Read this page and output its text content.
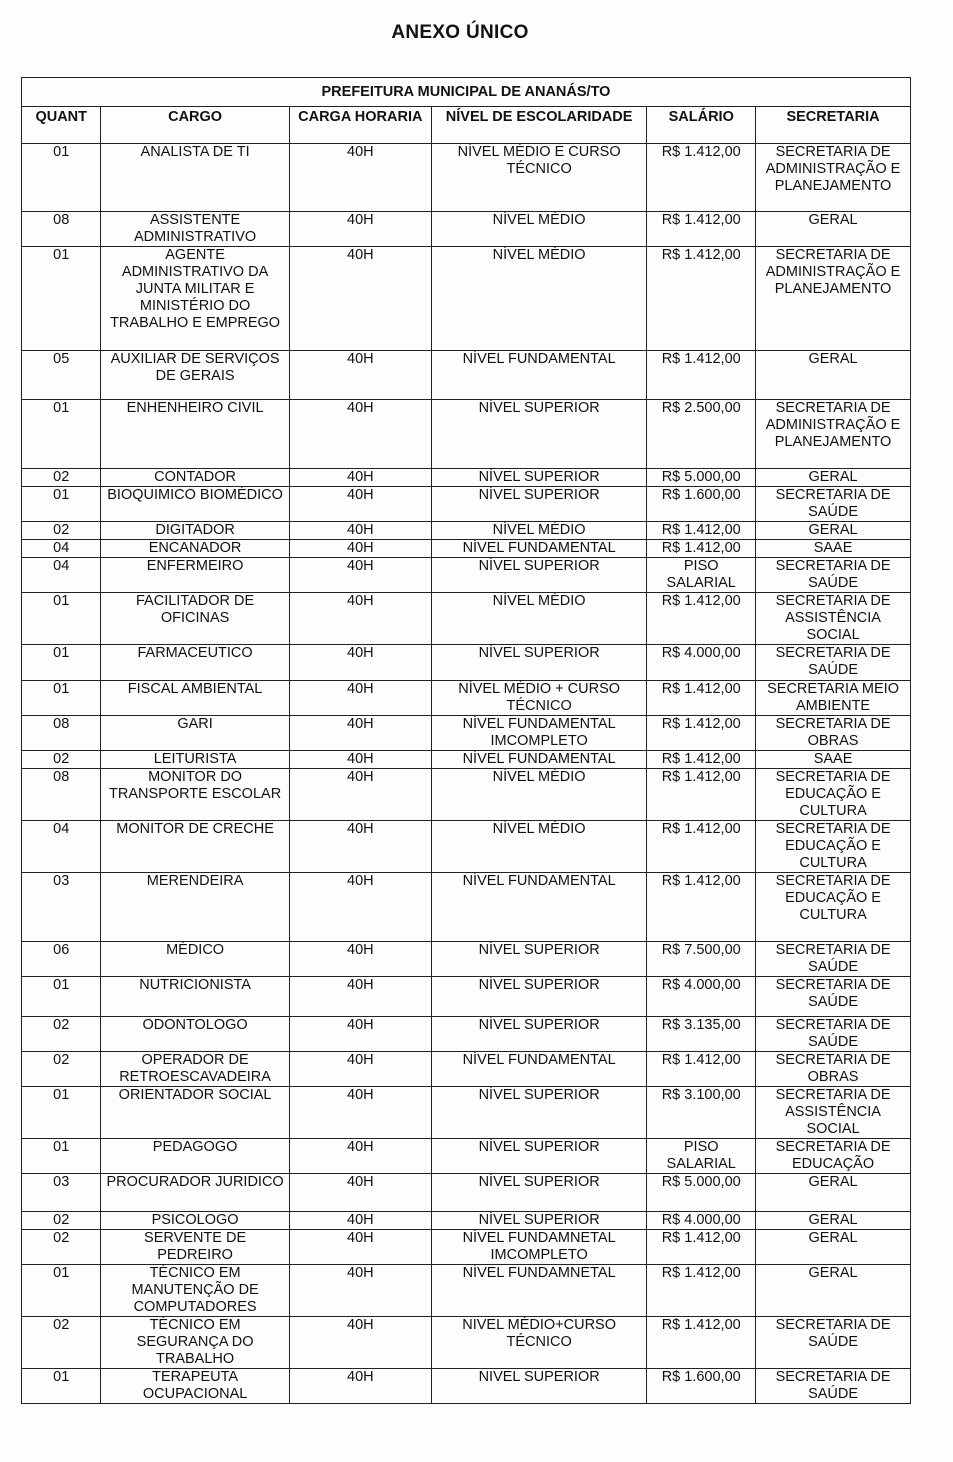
ANEXO ÚNICO
PREFEITURA MUNICIPAL DE ANANÁS/TO					
QUANT	CARGO	CARGA HORARIA	NÍVEL DE ESCOLARIDADE	SALÁRIO	SECRETARIA
01	ANALISTA DE TI	40H	NÍVEL MÉDIO E CURSO TÉCNICO	R$ 1.412,00	SECRETARIA DE ADMINISTRAÇÃO E PLANEJAMENTO
08	ASSISTENTE ADMINISTRATIVO	40H	NÍVEL MÉDIO	R$ 1.412,00	GERAL
01	AGENTE ADMINISTRATIVO DA JUNTA MILITAR E MINISTÉRIO DO TRABALHO E EMPREGO	40H	NÍVEL MÉDIO	R$ 1.412,00	SECRETARIA DE ADMINISTRAÇÃO E PLANEJAMENTO
05	AUXILIAR DE SERVIÇOS DE GERAIS	40H	NÍVEL FUNDAMENTAL	R$ 1.412,00	GERAL
01	ENHENHEIRO CIVIL	40H	NÍVEL SUPERIOR	R$ 2.500,00	SECRETARIA DE ADMINISTRAÇÃO E PLANEJAMENTO
02	CONTADOR	40H	NÍVEL SUPERIOR	R$ 5.000,00	GERAL
01	BIOQUIMICO BIOMÉDICO	40H	NÍVEL SUPERIOR	R$ 1.600,00	SECRETARIA DE SAÚDE
02	DIGITADOR	40H	NÍVEL MÉDIO	R$ 1.412,00	GERAL
04	ENCANADOR	40H	NÍVEL FUNDAMENTAL	R$ 1.412,00	SAAE
04	ENFERMEIRO	40H	NÍVEL SUPERIOR	PISO SALARIAL	SECRETARIA DE SAÚDE
01	FACILITADOR DE OFICINAS	40H	NÍVEL MÉDIO	R$ 1.412,00	SECRETARIA DE ASSISTÊNCIA SOCIAL
01	FARMACEUTICO	40H	NÍVEL SUPERIOR	R$ 4.000,00	SECRETARIA DE SAÚDE
01	FISCAL AMBIENTAL	40H	NÍVEL MÉDIO + CURSO TÉCNICO	R$ 1.412,00	SECRETARIA MEIO AMBIENTE
08	GARI	40H	NÍVEL FUNDAMENTAL IMCOMPLETO	R$ 1.412,00	SECRETARIA DE OBRAS
02	LEITURISTA	40H	NÍVEL FUNDAMENTAL	R$ 1.412,00	SAAE
08	MONITOR DO TRANSPORTE ESCOLAR	40H	NÍVEL MÉDIO	R$ 1.412,00	SECRETARIA DE EDUCAÇÃO E CULTURA
04	MONITOR DE CRECHE	40H	NÍVEL MÉDIO	R$ 1.412,00	SECRETARIA DE EDUCAÇÃO E CULTURA
03	MERENDEIRA	40H	NÍVEL FUNDAMENTAL	R$ 1.412,00	SECRETARIA DE EDUCAÇÃO E CULTURA
06	MÉDICO	40H	NÍVEL SUPERIOR	R$ 7.500,00	SECRETARIA DE SAÚDE
01	NUTRICIONISTA	40H	NÍVEL SUPERIOR	R$ 4.000,00	SECRETARIA DE SAÚDE
02	ODONTOLOGO	40H	NÍVEL SUPERIOR	R$ 3.135,00	SECRETARIA DE SAÚDE
02	OPERADOR DE RETROESCAVADEIRA	40H	NÍVEL FUNDAMENTAL	R$ 1.412,00	SECRETARIA DE OBRAS
01	ORIENTADOR SOCIAL	40H	NÍVEL SUPERIOR	R$ 3.100,00	SECRETARIA DE ASSISTÊNCIA SOCIAL
01	PEDAGOGO	40H	NÍVEL SUPERIOR	PISO SALARIAL	SECRETARIA DE EDUCAÇÃO
03	PROCURADOR JURIDICO	40H	NÍVEL SUPERIOR	R$ 5.000,00	GERAL
02	PSICOLOGO	40H	NÍVEL SUPERIOR	R$ 4.000,00	GERAL
02	SERVENTE DE PEDREIRO	40H	NÍVEL FUNDAMNETAL IMCOMPLETO	R$ 1.412,00	GERAL
01	TÉCNICO EM MANUTENÇÃO DE COMPUTADORES	40H	NÍVEL FUNDAMNETAL	R$ 1.412,00	GERAL
02	TÉCNICO EM SEGURANÇA DO TRABALHO	40H	NIVEL MÉDIO+CURSO TÉCNICO	R$ 1.412,00	SECRETARIA DE SAÚDE
01	TERAPEUTA OCUPACIONAL	40H	NIVEL SUPERIOR	R$ 1.600,00	SECRETARIA DE SAÚDE
